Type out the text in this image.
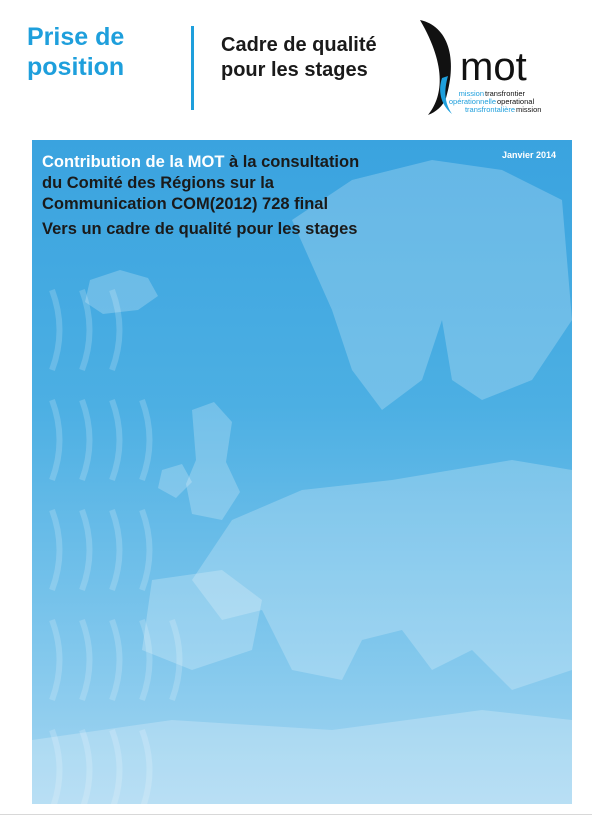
Prise de
position
Cadre de qualité
pour les stages mot
mission transfrontier
opérationnelle operational
transfrontalière mission
Janvier 2014
Contribution de la MOT à la consultation
du Comité des Régions sur la
Communication COM(2012) 728 final
Vers un cadre de qualité pour les stages
